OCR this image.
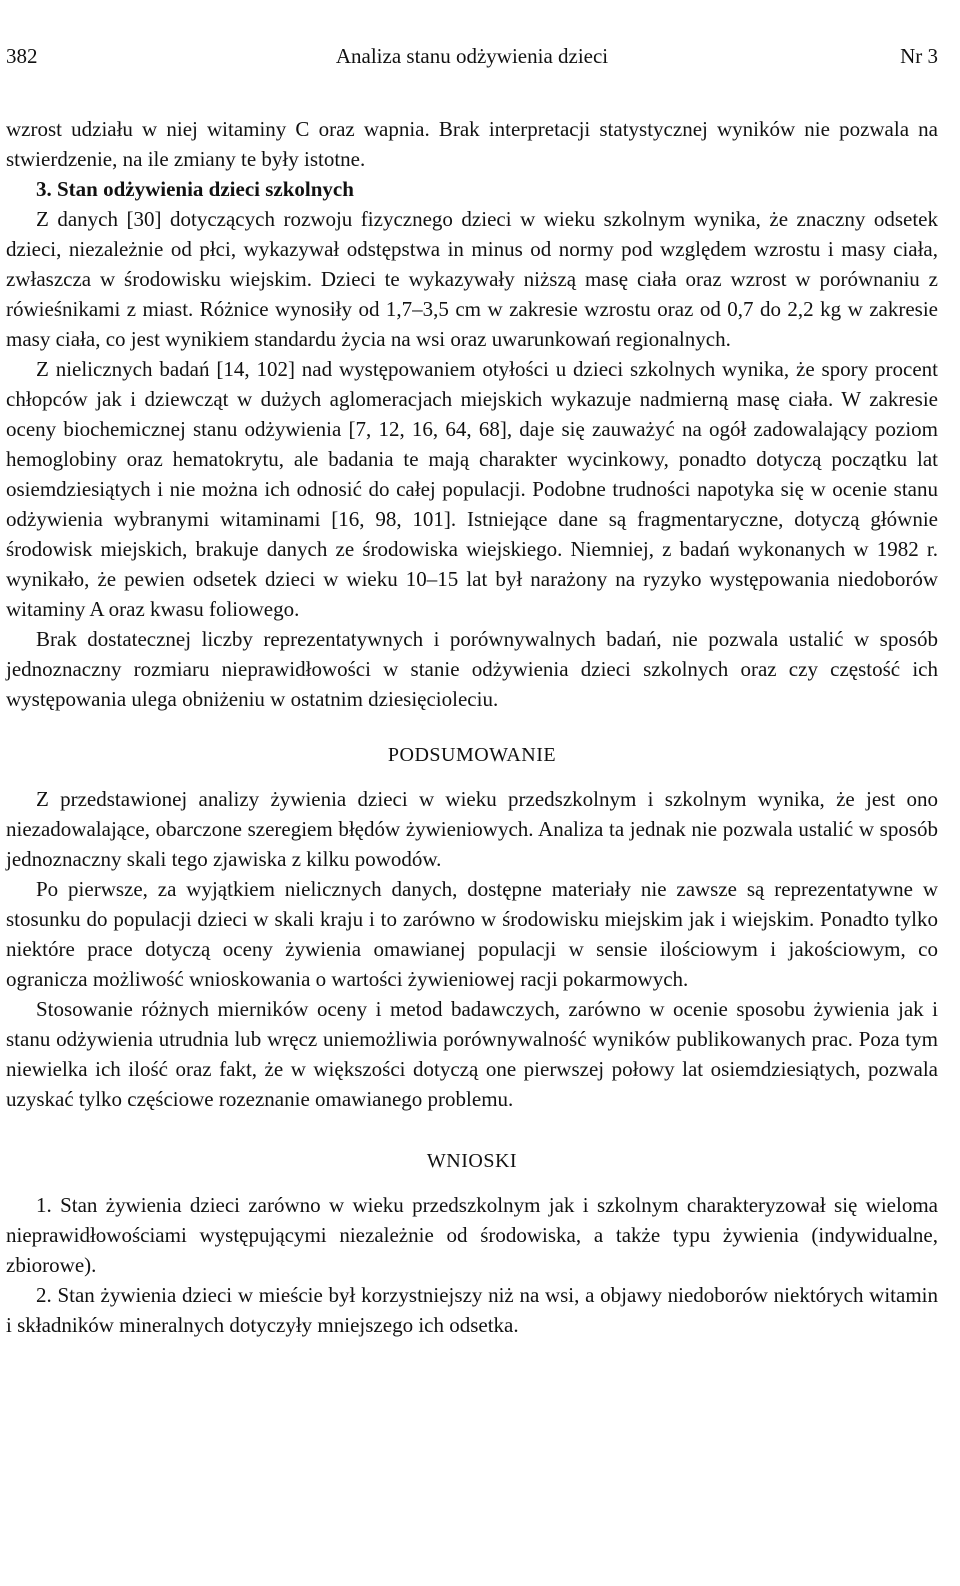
382	Analiza stanu odżywienia dzieci	Nr 3

wzrost udziału w niej witaminy C oraz wapnia. Brak interpretacji statystycznej wyników nie pozwala na stwierdzenie, na ile zmiany te były istotne.

3. Stan odżywienia dzieci szkolnych

Z danych [30] dotyczących rozwoju fizycznego dzieci w wieku szkolnym wynika, że znaczny odsetek dzieci, niezależnie od płci, wykazywał odstępstwa in minus od normy pod względem wzrostu i masy ciała, zwłaszcza w środowisku wiejskim. Dzieci te wykazywały niższą masę ciała oraz wzrost w porównaniu z rówieśnikami z miast. Różnice wynosiły od 1,7–3,5 cm w zakresie wzrostu oraz od 0,7 do 2,2 kg w zakresie masy ciała, co jest wynikiem standardu życia na wsi oraz uwarunkowań regionalnych.

Z nielicznych badań [14, 102] nad występowaniem otyłości u dzieci szkolnych wynika, że spory procent chłopców jak i dziewcząt w dużych aglomeracjach miejskich wykazuje nadmierną masę ciała. W zakresie oceny biochemicznej stanu odżywienia [7, 12, 16, 64, 68], daje się zauważyć na ogół zadowalający poziom hemoglobiny oraz hematokrytu, ale badania te mają charakter wycinkowy, ponadto dotyczą początku lat osiemdziesiątych i nie można ich odnosić do całej populacji. Podobne trudności napotyka się w ocenie stanu odżywienia wybranymi witaminami [16, 98, 101]. Istniejące dane są fragmentaryczne, dotyczą głównie środowisk miejskich, brakuje danych ze środowiska wiejskiego. Niemniej, z badań wykonanych w 1982 r. wynikało, że pewien odsetek dzieci w wieku 10–15 lat był narażony na ryzyko występowania niedoborów witaminy A oraz kwasu foliowego.

Brak dostatecznej liczby reprezentatywnych i porównywalnych badań, nie pozwala ustalić w sposób jednoznaczny rozmiaru nieprawidłowości w stanie odżywienia dzieci szkolnych oraz czy częstość ich występowania ulega obniżeniu w ostatnim dziesięcioleciu.

PODSUMOWANIE

Z przedstawionej analizy żywienia dzieci w wieku przedszkolnym i szkolnym wynika, że jest ono niezadowalające, obarczone szeregiem błędów żywieniowych. Analiza ta jednak nie pozwala ustalić w sposób jednoznaczny skali tego zjawiska z kilku powodów.

Po pierwsze, za wyjątkiem nielicznych danych, dostępne materiały nie zawsze są reprezentatywne w stosunku do populacji dzieci w skali kraju i to zarówno w środowisku miejskim jak i wiejskim. Ponadto tylko niektóre prace dotyczą oceny żywienia omawianej populacji w sensie ilościowym i jakościowym, co ogranicza możliwość wnioskowania o wartości żywieniowej racji pokarmowych.

Stosowanie różnych mierników oceny i metod badawczych, zarówno w ocenie sposobu żywienia jak i stanu odżywienia utrudnia lub wręcz uniemożliwia porównywalność wyników publikowanych prac. Poza tym niewielka ich ilość oraz fakt, że w większości dotyczą one pierwszej połowy lat osiemdziesiątych, pozwala uzyskać tylko częściowe rozeznanie omawianego problemu.

WNIOSKI

1. Stan żywienia dzieci zarówno w wieku przedszkolnym jak i szkolnym charakteryzował się wieloma nieprawidłowościami występującymi niezależnie od środowiska, a także typu żywienia (indywidualne, zbiorowe).

2. Stan żywienia dzieci w mieście był korzystniejszy niż na wsi, a objawy niedoborów niektórych witamin i składników mineralnych dotyczyły mniejszego ich odsetka.
